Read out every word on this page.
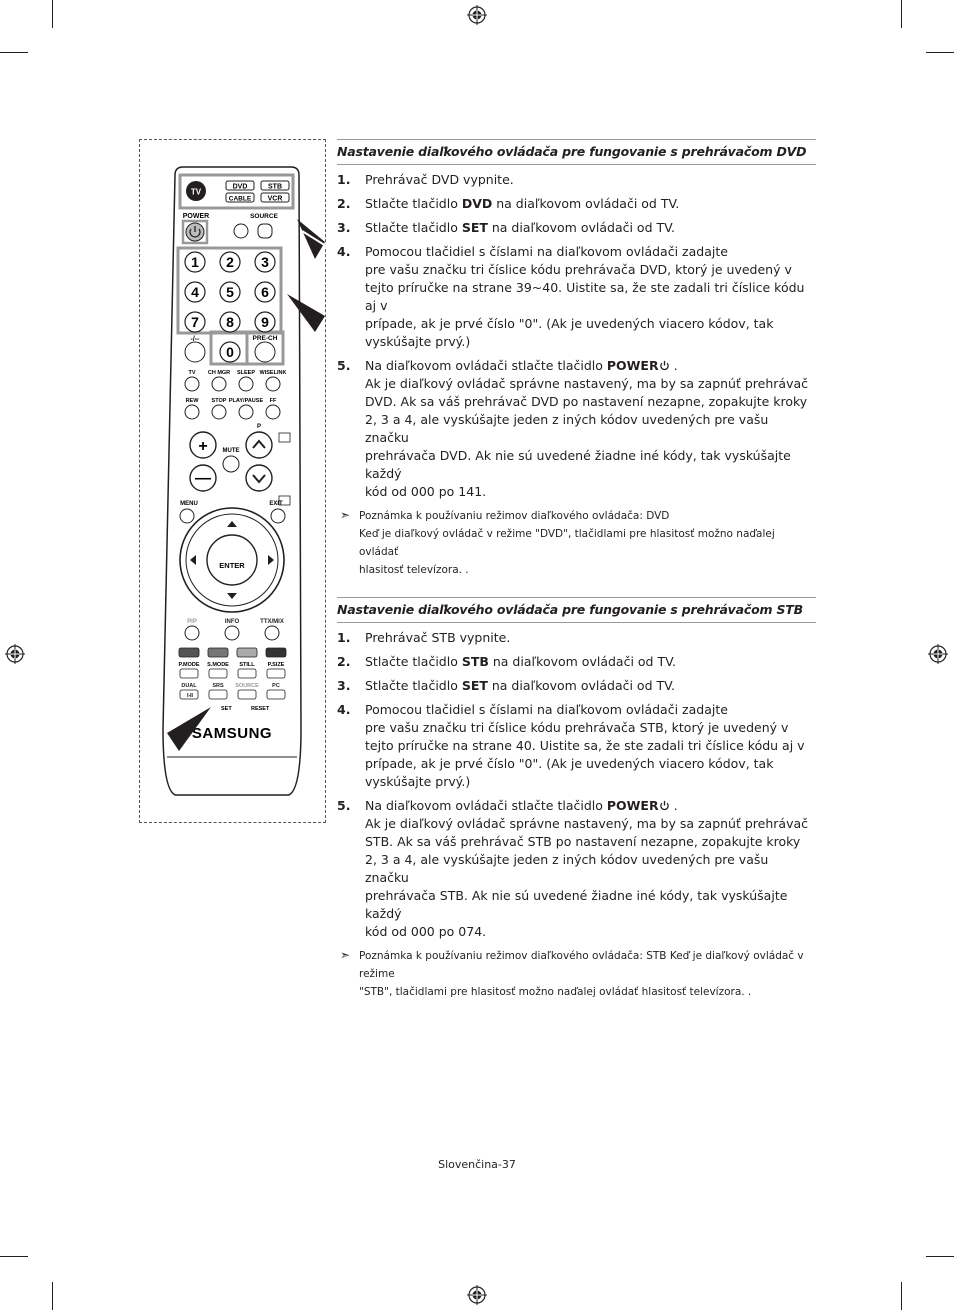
TV
DVD	STB
CABLE VCR
POWER	SOURCE
1 2 3
4 5 6
7 8 9
-/--
0
PRE-CH
TV CH MGR SLEEP WISELINK
REW STOP PLAY/PAUSE FF
P
+
—
MUTE
MENU	EXIT
ENTER
PIP	INFO	TTX/MIX
P.MODE S.MODE STILL P.SIZE
DUAL	SRS SOURCE PC
I-II
SET	RESET
SAMSUNG
Nastavenie diaľkového ovládača pre fungovanie s prehrávačom DVD
1. Prehrávač DVD vypnite.
2. Stlačte tlačidlo DVD na diaľkovom ovládači od TV.
3. Stlačte tlačidlo SET na diaľkovom ovládači od TV.
4. Pomocou tlačidiel s číslami na diaľkovom ovládači zadajte
pre vašu značku tri číslice kódu prehrávača DVD, ktorý je uvedený v
tejto príručke na strane 39~40. Uistite sa, že ste zadali tri číslice kódu aj v
prípade, ak je prvé číslo "0". (Ak je uvedených viacero kódov, tak
vyskúšajte prvý.)
5. Na diaľkovom ovládači stlačte tlačidlo POWER .
Ak je diaľkový ovládač správne nastavený, ma by sa zapnúť prehrávač
DVD. Ak sa váš prehrávač DVD po nastavení nezapne, zopakujte kroky
2, 3 a 4, ale vyskúšajte jeden z iných kódov uvedených pre vašu značku
prehrávača DVD. Ak nie sú uvedené žiadne iné kódy, tak vyskúšajte každý
kód od 000 po 141.
➣ Poznámka k používaniu režimov diaľkového ovládača: DVD
Keď je diaľkový ovládač v režime "DVD", tlačidlami pre hlasitosť možno naďalej ovládať
hlasitosť televízora. .
Nastavenie diaľkového ovládača pre fungovanie s prehrávačom STB
1. Prehrávač STB vypnite.
2. Stlačte tlačidlo STB na diaľkovom ovládači od TV.
3. Stlačte tlačidlo SET na diaľkovom ovládači od TV.
4. Pomocou tlačidiel s číslami na diaľkovom ovládači zadajte
pre vašu značku tri číslice kódu prehrávača STB, ktorý je uvedený v
tejto príručke na strane 40. Uistite sa, že ste zadali tri číslice kódu aj v
prípade, ak je prvé číslo "0". (Ak je uvedených viacero kódov, tak
vyskúšajte prvý.)
5. Na diaľkovom ovládači stlačte tlačidlo POWER .
Ak je diaľkový ovládač správne nastavený, ma by sa zapnúť prehrávač
STB. Ak sa váš prehrávač STB po nastavení nezapne, zopakujte kroky
2, 3 a 4, ale vyskúšajte jeden z iných kódov uvedených pre vašu značku
prehrávača STB. Ak nie sú uvedené žiadne iné kódy, tak vyskúšajte každý
kód od 000 po 074.
➣ Poznámka k používaniu režimov diaľkového ovládača: STB Keď je diaľkový ovládač v režime
"STB", tlačidlami pre hlasitosť možno naďalej ovládať hlasitosť televízora. .
Slovenčina-37
